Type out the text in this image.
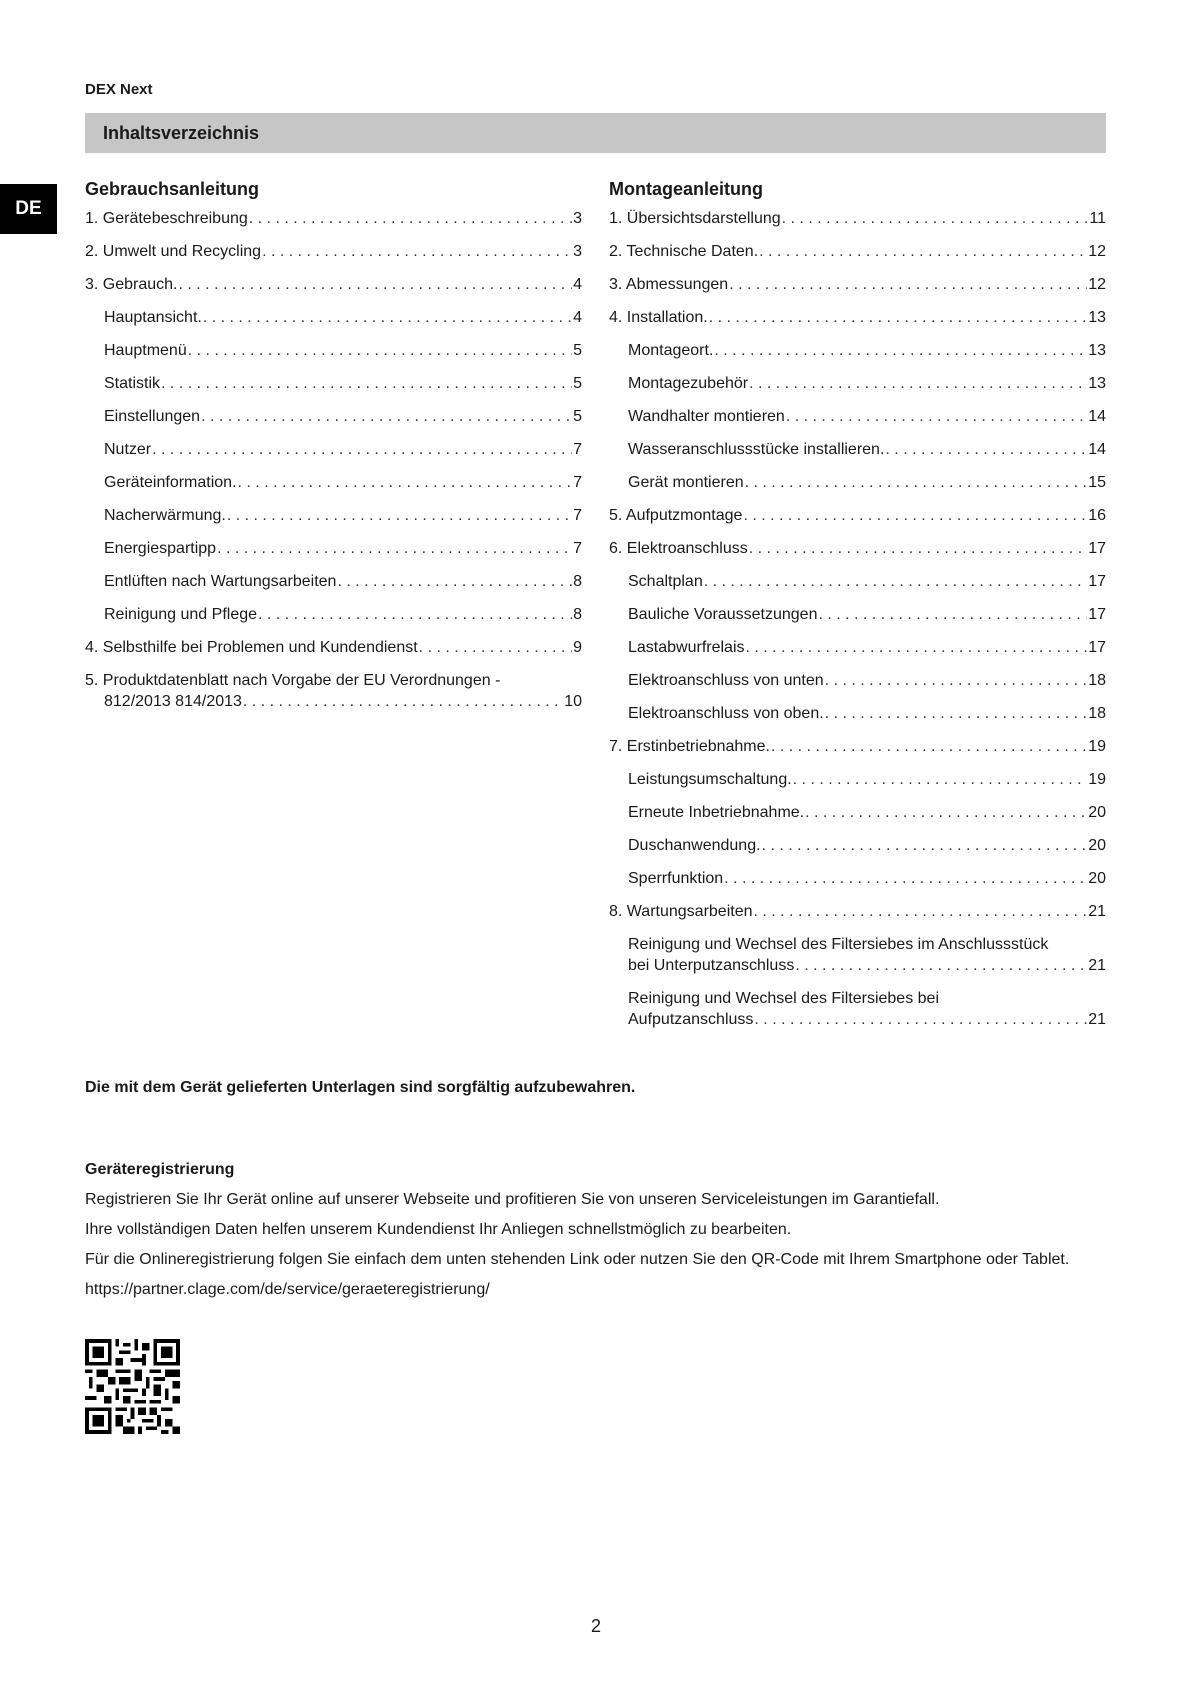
DEX Next
DE
Inhaltsverzeichnis
Gebrauchsanleitung
1. Gerätebeschreibung . . .	3
2. Umwelt und Recycling . . .	3
3. Gebrauch. . . .	4
Hauptansicht. . . .	4
Hauptmenü . . .	5
Statistik . . .	5
Einstellungen . . .	5
Nutzer . . .	7
Geräteinformation. . . .	7
Nacherwärmung. . . .	7
Energiespartipp . . .	7
Entlüften nach Wartungsarbeiten . . .	8
Reinigung und Pflege . . .	8
4. Selbsthilfe bei Problemen und Kundendienst . . .	9
5. Produktdatenblatt nach Vorgabe der EU Verordnungen -
812/2013 814/2013 . . .	10
Montageanleitung
1. Übersichtsdarstellung . . .	11
2. Technische Daten. . . .	12
3. Abmessungen . . .	12
4. Installation. . . .	13
Montageort. . . .	13
Montagezubehör . . .	13
Wandhalter montieren . . .	14
Wasseranschlussstücke installieren. . . .	14
Gerät montieren . . .	15
5. Aufputzmontage . . .	16
6. Elektroanschluss . . .	17
Schaltplan . . .	17
Bauliche Voraussetzungen . . .	17
Lastabwurfrelais . . .	17
Elektroanschluss von unten . . .	18
Elektroanschluss von oben. . . .	18
7. Erstinbetriebnahme. . . .	19
Leistungsumschaltung. . . .	19
Erneute Inbetriebnahme. . . .	20
Duschanwendung. . . .	20
Sperrfunktion . . .	20
8. Wartungsarbeiten . . .	21
Reinigung und Wechsel des Filtersiebes im Anschlussstück
bei Unterputzanschluss . . .	21
Reinigung und Wechsel des Filtersiebes bei
Aufputzanschluss . . .	21
Die mit dem Gerät gelieferten Unterlagen sind sorgfältig aufzubewahren.
Geräteregistrierung

Registrieren Sie Ihr Gerät online auf unserer Webseite und profitieren Sie von unseren Serviceleistungen im Garantiefall.

Ihre vollständigen Daten helfen unserem Kundendienst Ihr Anliegen schnellstmöglich zu bearbeiten.

Für die Onlineregistrierung folgen Sie einfach dem unten stehenden Link oder nutzen Sie den QR-Code mit Ihrem Smartphone oder Tablet.

https://partner.clage.com/de/service/geraeteregistrierung/

2
